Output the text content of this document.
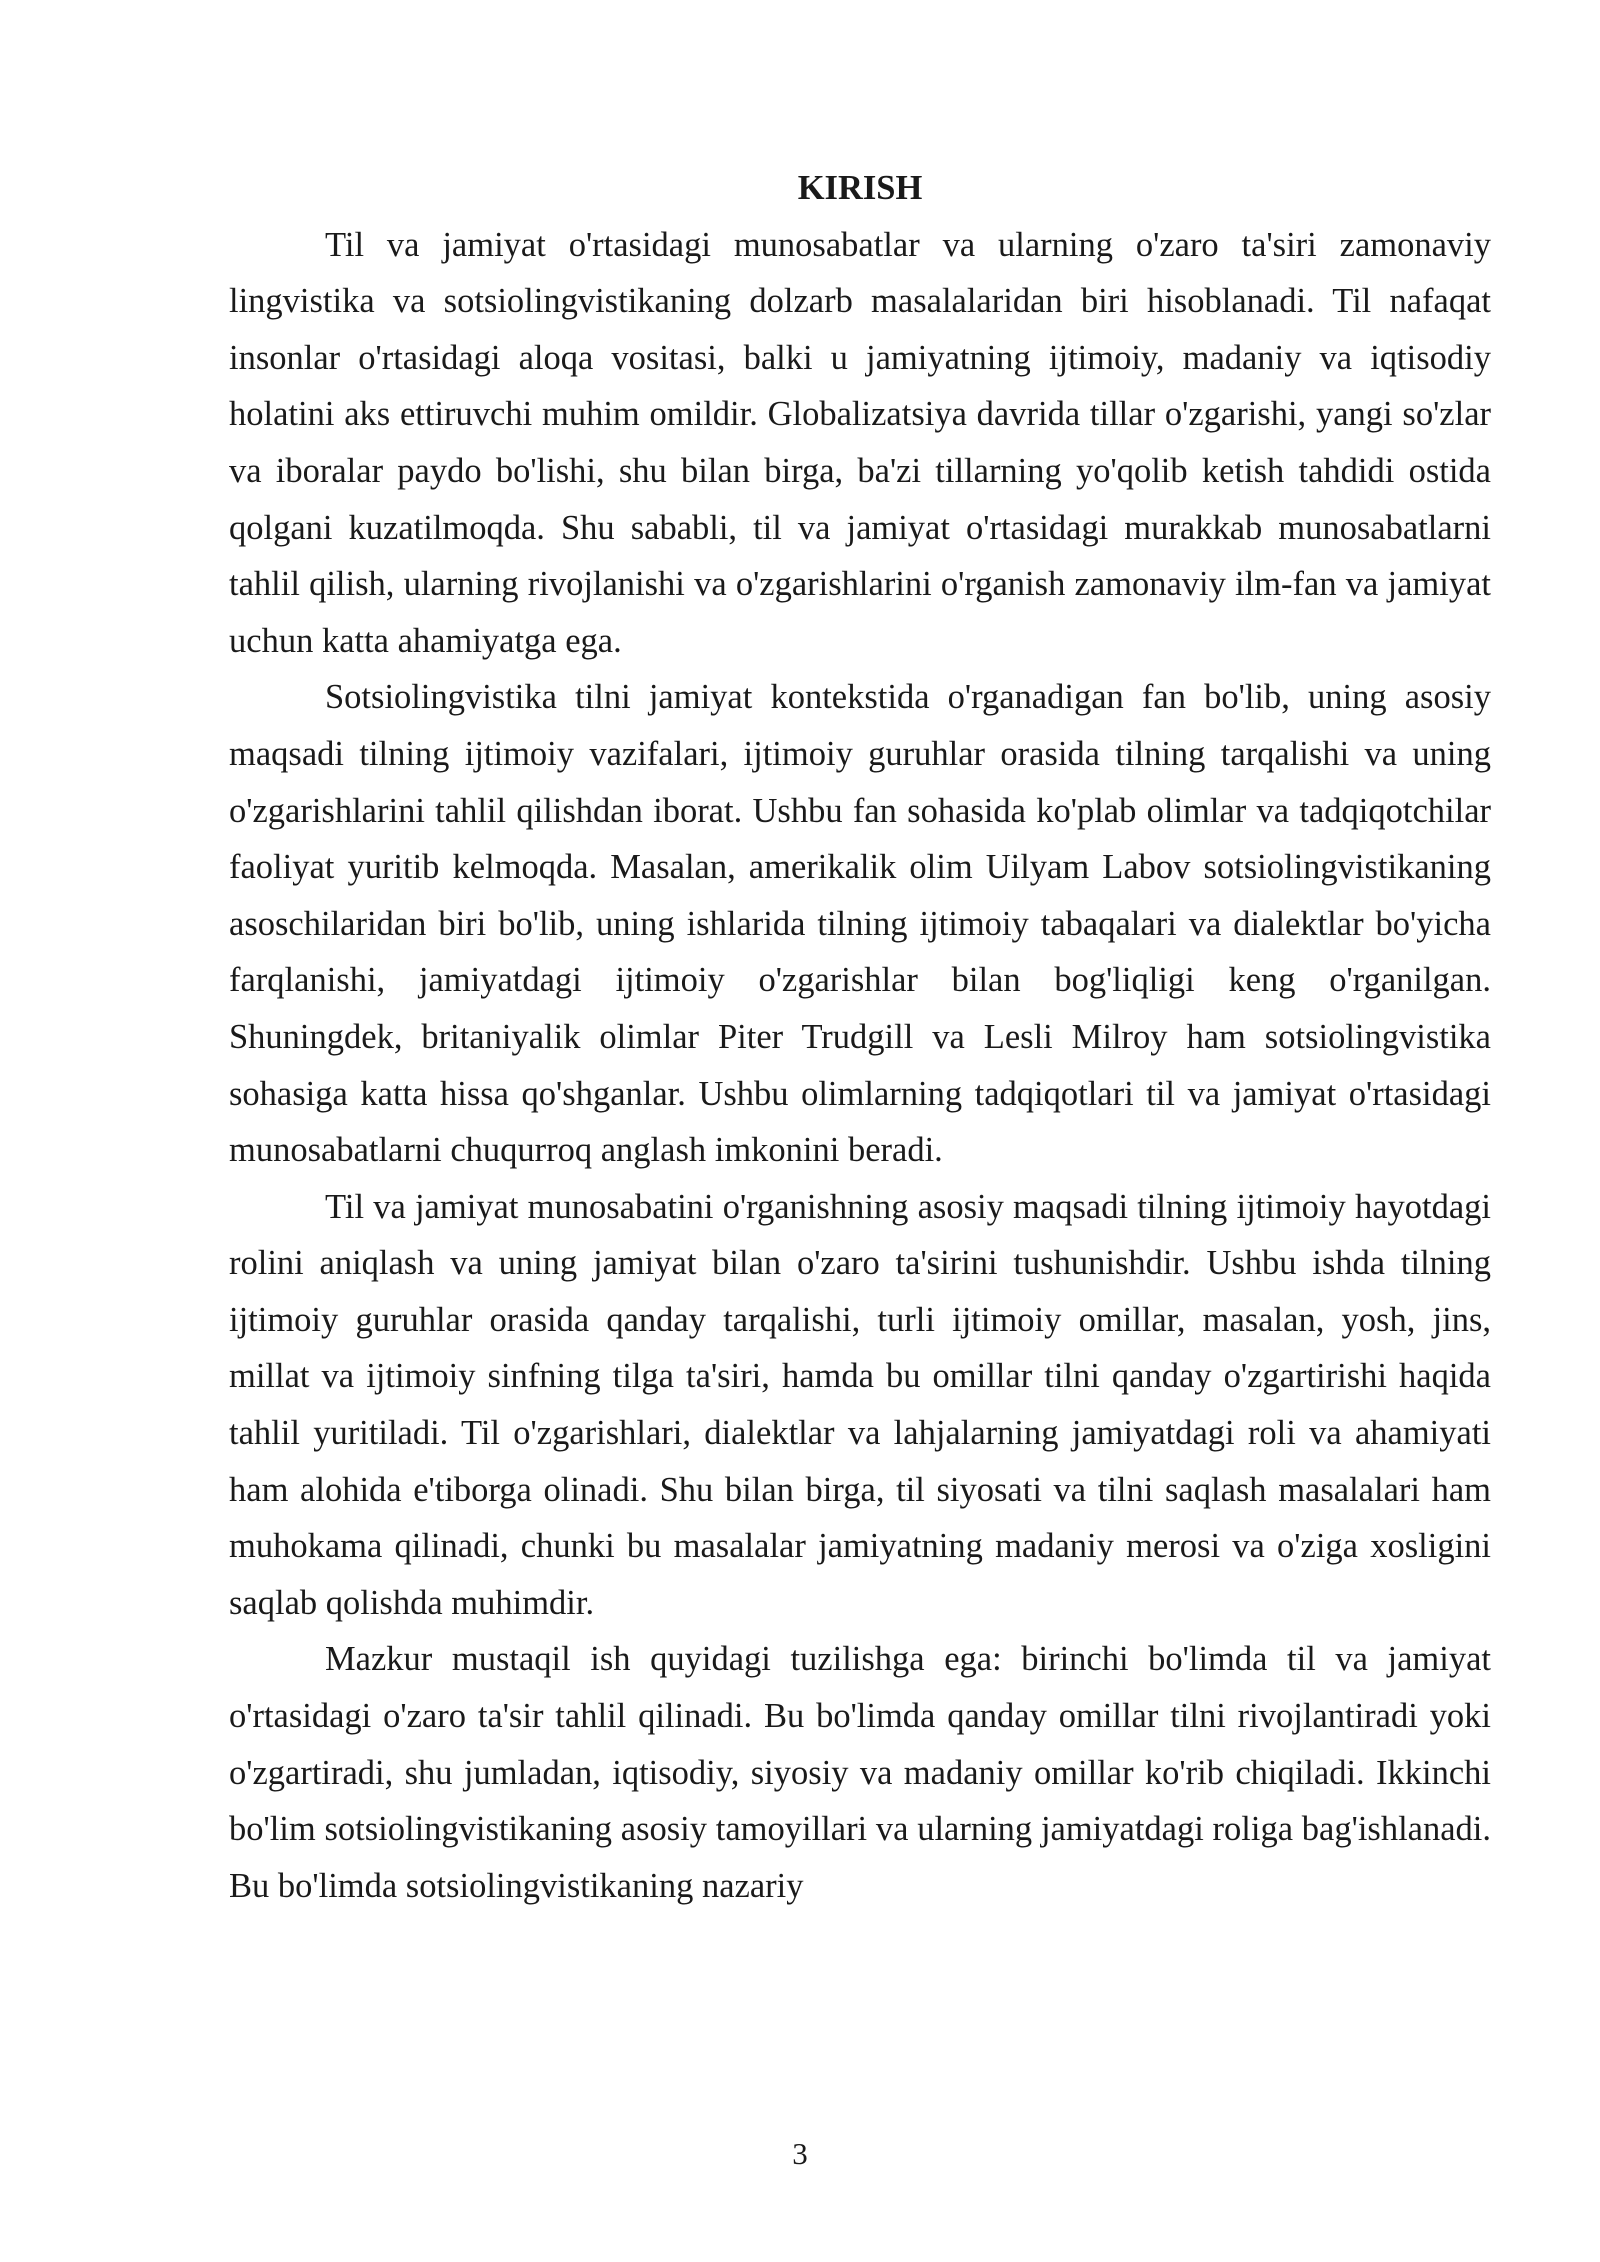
KIRISH

Til va jamiyat o'rtasidagi munosabatlar va ularning o'zaro ta'siri zamonaviy lingvistika va sotsiolingvistikaning dolzarb masalalaridan biri hisoblanadi. Til nafaqat insonlar o'rtasidagi aloqa vositasi, balki u jamiyatning ijtimoiy, madaniy va iqtisodiy holatini aks ettiruvchi muhim omildir. Globalizatsiya davrida tillar o'zgarishi, yangi so'zlar va iboralar paydo bo'lishi, shu bilan birga, ba'zi tillarning yo'qolib ketish tahdidi ostida qolgani kuzatilmoqda. Shu sababli, til va jamiyat o'rtasidagi murakkab munosabatlarni tahlil qilish, ularning rivojlanishi va o'zgarishlarini o'rganish zamonaviy ilm-fan va jamiyat uchun katta ahamiyatga ega.

Sotsiolingvistika tilni jamiyat kontekstida o'rganadigan fan bo'lib, uning asosiy maqsadi tilning ijtimoiy vazifalari, ijtimoiy guruhlar orasida tilning tarqalishi va uning o'zgarishlarini tahlil qilishdan iborat. Ushbu fan sohasida ko'plab olimlar va tadqiqotchilar faoliyat yuritib kelmoqda. Masalan, amerikalik olim Uilyam Labov sotsiolingvistikaning asoschilaridan biri bo'lib, uning ishlarida tilning ijtimoiy tabaqalari va dialektlar bo'yicha farqlanishi, jamiyatdagi ijtimoiy o'zgarishlar bilan bog'liqligi keng o'rganilgan. Shuningdek, britaniyalik olimlar Piter Trudgill va Lesli Milroy ham sotsiolingvistika sohasiga katta hissa qo'shganlar. Ushbu olimlarning tadqiqotlari til va jamiyat o'rtasidagi munosabatlarni chuqurroq anglash imkonini beradi.

Til va jamiyat munosabatini o'rganishning asosiy maqsadi tilning ijtimoiy hayotdagi rolini aniqlash va uning jamiyat bilan o'zaro ta'sirini tushunishdir. Ushbu ishda tilning ijtimoiy guruhlar orasida qanday tarqalishi, turli ijtimoiy omillar, masalan, yosh, jins, millat va ijtimoiy sinfning tilga ta'siri, hamda bu omillar tilni qanday o'zgartirishi haqida tahlil yuritiladi. Til o'zgarishlari, dialektlar va lahjalarning jamiyatdagi roli va ahamiyati ham alohida e'tiborga olinadi. Shu bilan birga, til siyosati va tilni saqlash masalalari ham muhokama qilinadi, chunki bu masalalar jamiyatning madaniy merosi va o'ziga xosligini saqlab qolishda muhimdir.

Mazkur mustaqil ish quyidagi tuzilishga ega: birinchi bo'limda til va jamiyat o'rtasidagi o'zaro ta'sir tahlil qilinadi. Bu bo'limda qanday omillar tilni rivojlantiradi yoki o'zgartiradi, shu jumladan, iqtisodiy, siyosiy va madaniy omillar ko'rib chiqiladi. Ikkinchi bo'lim sotsiolingvistikaning asosiy tamoyillari va ularning jamiyatdagi roliga bag'ishlanadi. Bu bo'limda sotsiolingvistikaning nazariy

3
